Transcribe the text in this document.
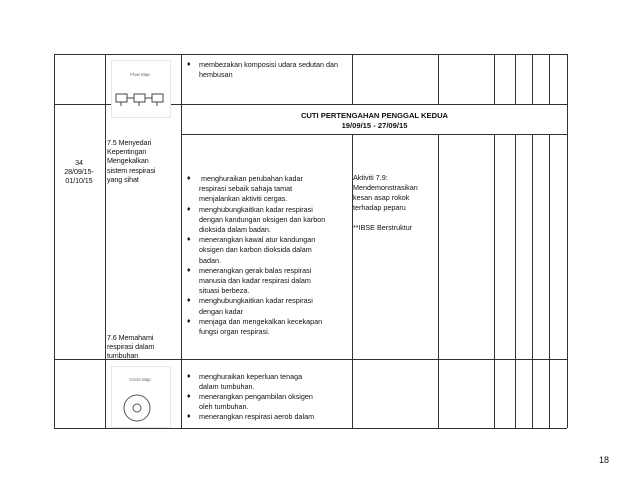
Flow Map
♦ membezakan komposisi udara sedutan dan hembusan
CUTI PERTENGAHAN PENGGAL KEDUA
19/09/15 - 27/09/15
34
28/09/15-
01/10/15
7.5 Menyedari
Kepentingan
Mengekalkan
sistem respirasi
yang sihat
7.6 Memahami
respirasi dalam
tumbuhan
♦ menghuraikan perubahan kadar
respirasi sebaik sahaja tamat
menjalankan aktiviti cergas.
♦ menghubungkaitkan kadar respirasi
dengan kandungan oksigen dan karbon
dioksida dalam badan.
♦ menerangkan kawal atur kandungan
oksigen dan karbon dioksida dalam
badan.
♦ menerangkan gerak balas respirasi
manusia dan kadar respirasi dalam
situasi berbeza.
♦ menghubungkaitkan kadar respirasi
dengan kadar
♦ menjaga dan mengekalkan kecekapan
fungsi organ respirasi.
Aktiviti 7.9:
Mendemonstrasikan
kesan asap rokok
terhadap peparu
**IBSE Berstruktur
Circle Map	♦ menghuraikan keperluan tenaga
dalam tumbuhan.
♦ menerangkan pengambilan oksigen
oleh tumbuhan.
♦ menerangkan respirasi aerob dalam
18
